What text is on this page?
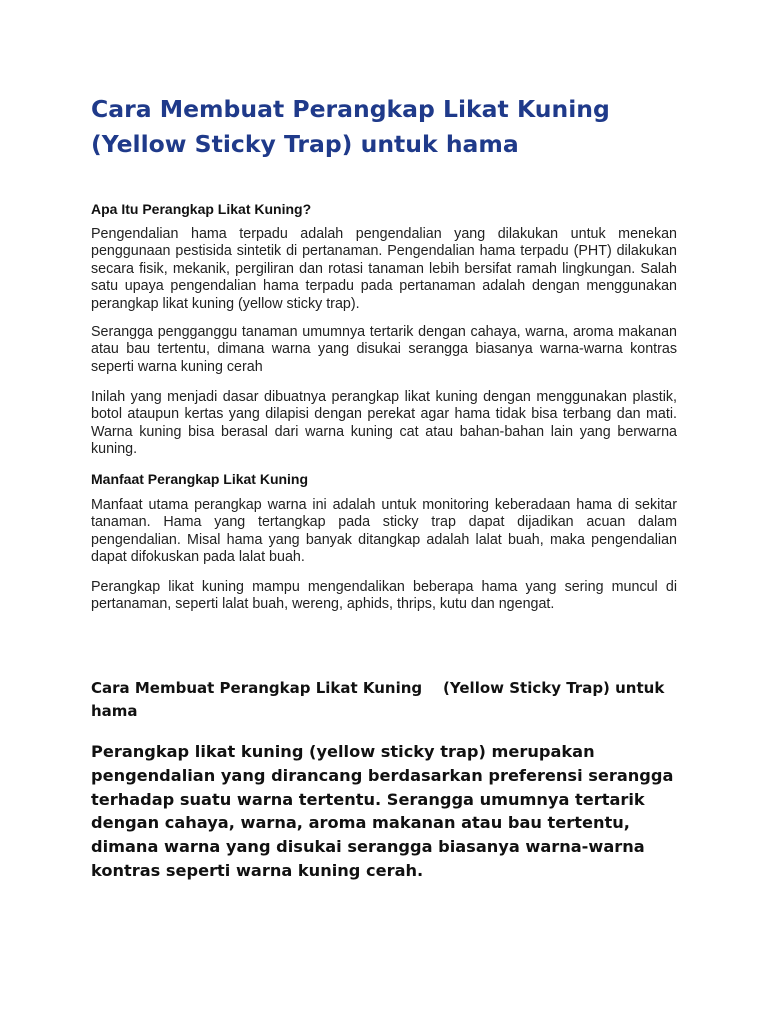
Cara Membuat Perangkap Likat Kuning (Yellow Sticky Trap) untuk hama
Apa Itu Perangkap Likat Kuning?

Pengendalian hama terpadu adalah pengendalian yang dilakukan untuk menekan penggunaan pestisida sintetik di pertanaman. Pengendalian hama terpadu (PHT) dilakukan secara fisik, mekanik, pergiliran dan rotasi tanaman lebih bersifat ramah lingkungan. Salah satu upaya pengendalian hama terpadu pada pertanaman adalah dengan menggunakan perangkap likat kuning (yellow sticky trap).

Serangga pengganggu tanaman umumnya tertarik dengan cahaya, warna, aroma makanan atau bau tertentu, dimana warna yang disukai serangga biasanya warna-warna kontras seperti warna kuning cerah

Inilah yang menjadi dasar dibuatnya perangkap likat kuning dengan menggunakan plastik, botol ataupun kertas yang dilapisi dengan perekat agar hama tidak bisa terbang dan mati. Warna kuning bisa berasal dari warna kuning cat atau bahan-bahan lain yang berwarna kuning.

Manfaat Perangkap Likat Kuning

Manfaat utama perangkap warna ini adalah untuk monitoring keberadaan hama di sekitar tanaman. Hama yang tertangkap pada sticky trap dapat dijadikan acuan dalam pengendalian. Misal hama yang banyak ditangkap adalah lalat buah, maka pengendalian dapat difokuskan pada lalat buah.

Perangkap likat kuning mampu mengendalikan beberapa hama yang sering muncul di pertanaman, seperti lalat buah, wereng, aphids, thrips, kutu dan ngengat.

Cara Membuat Perangkap Likat Kuning    (Yellow Sticky Trap) untuk hama

Perangkap likat kuning (yellow sticky trap) merupakan pengendalian yang dirancang berdasarkan preferensi serangga terhadap suatu warna tertentu. Serangga umumnya tertarik dengan cahaya, warna, aroma makanan atau bau tertentu, dimana warna yang disukai serangga biasanya warna-warna kontras seperti warna kuning cerah.
